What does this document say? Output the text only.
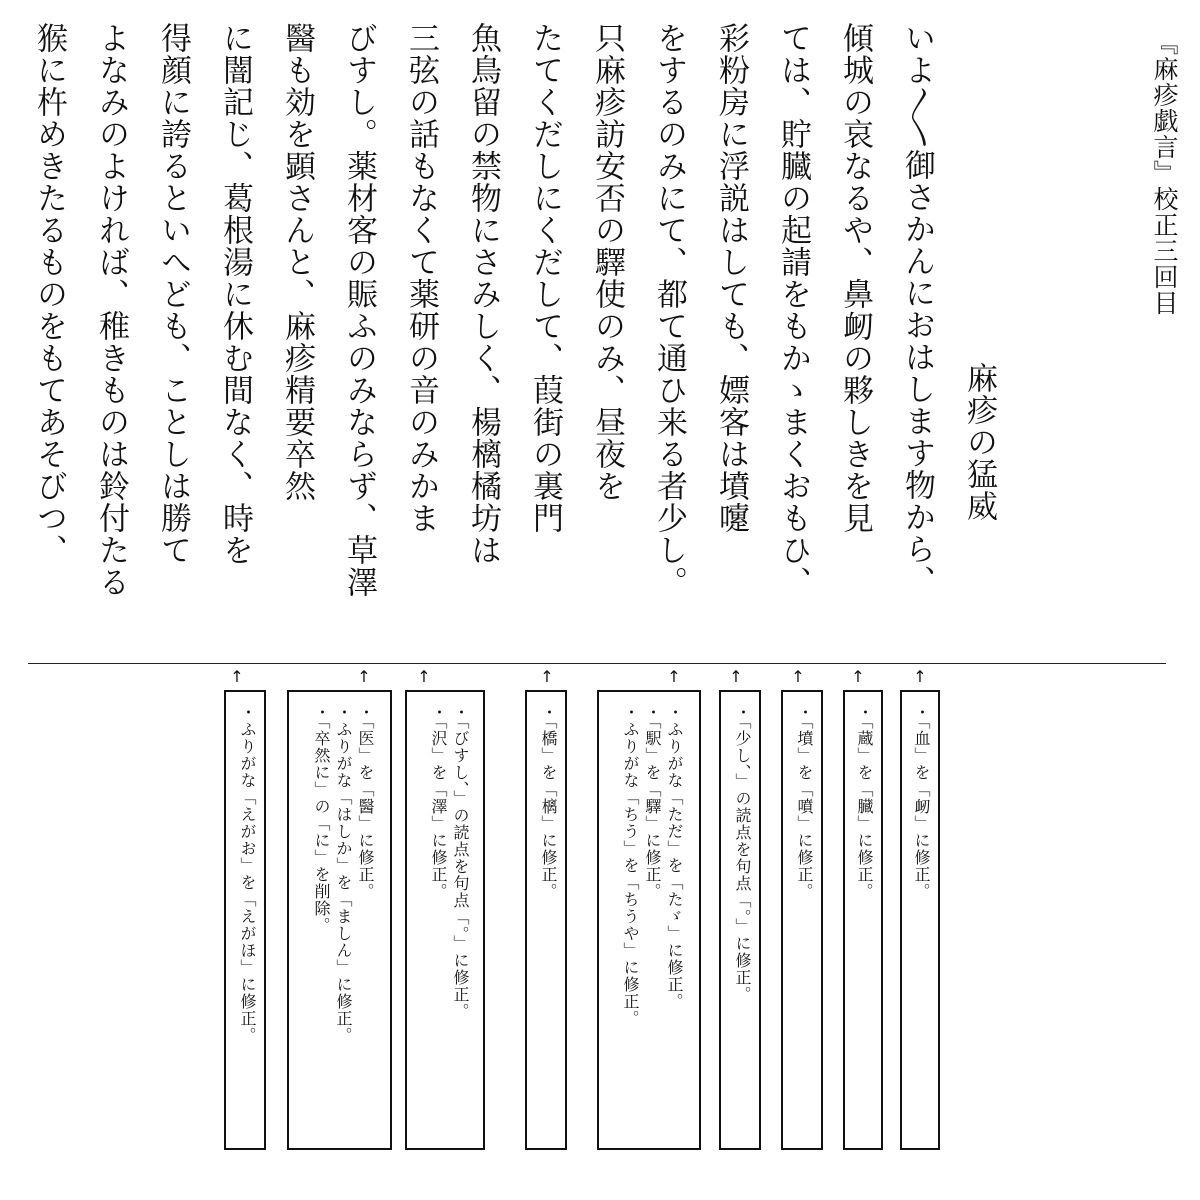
『麻疹戯言』校正三回目
麻疹の猛威
いよ〳〵御さかんにおはします物から、
傾城の哀なるや、鼻衂の夥しきを見
ては、貯臓の起請をもかゝまくおもひ、
彩粉房に浮説はしても、嫖客は墳嚔
をするのみにて、都て通ひ来る者少し。
只麻疹訪安否の驛使のみ、昼夜を
たてくだしにくだして、葭街の裏門
魚鳥留の禁物にさみしく、楊樆橘坊は
三弦の話もなくて薬研の音のみかま
びすし。薬材客の賑ふのみならず、草澤
醫も効を顕さんと、麻疹精要卒然
に闇記じ、葛根湯に休む間なく、時を
得顔に誇るといへども、ことしは勝て
よなみのよければ、稚きものは鈴付たる
猴に杵めきたるものをもてあそびつ、
↑
・「血」を「衂」に修正。
↑
・「蔵」を「臓」に修正。
↑
・「墳」を「噴」に修正。
↑
・「少し、」の読点を句点「。」に修正。
↑
・ふりがな「ただ」を「たゞ」に修正。
・「駅」を「驛」に修正。
・ふりがな「ちう」を「ちうや」に修正。
↑
・「橋」を「樆」に修正。
↑
・「びすし、」の読点を句点「。」に修正。
・「沢」を「澤」に修正。
↑
・「医」を「醫」に修正。
・ふりがな「はしか」を「ましん」に修正。
・「卒然に」の「に」を削除。
↑
・ふりがな「えがお」を「えがほ」に修正。
